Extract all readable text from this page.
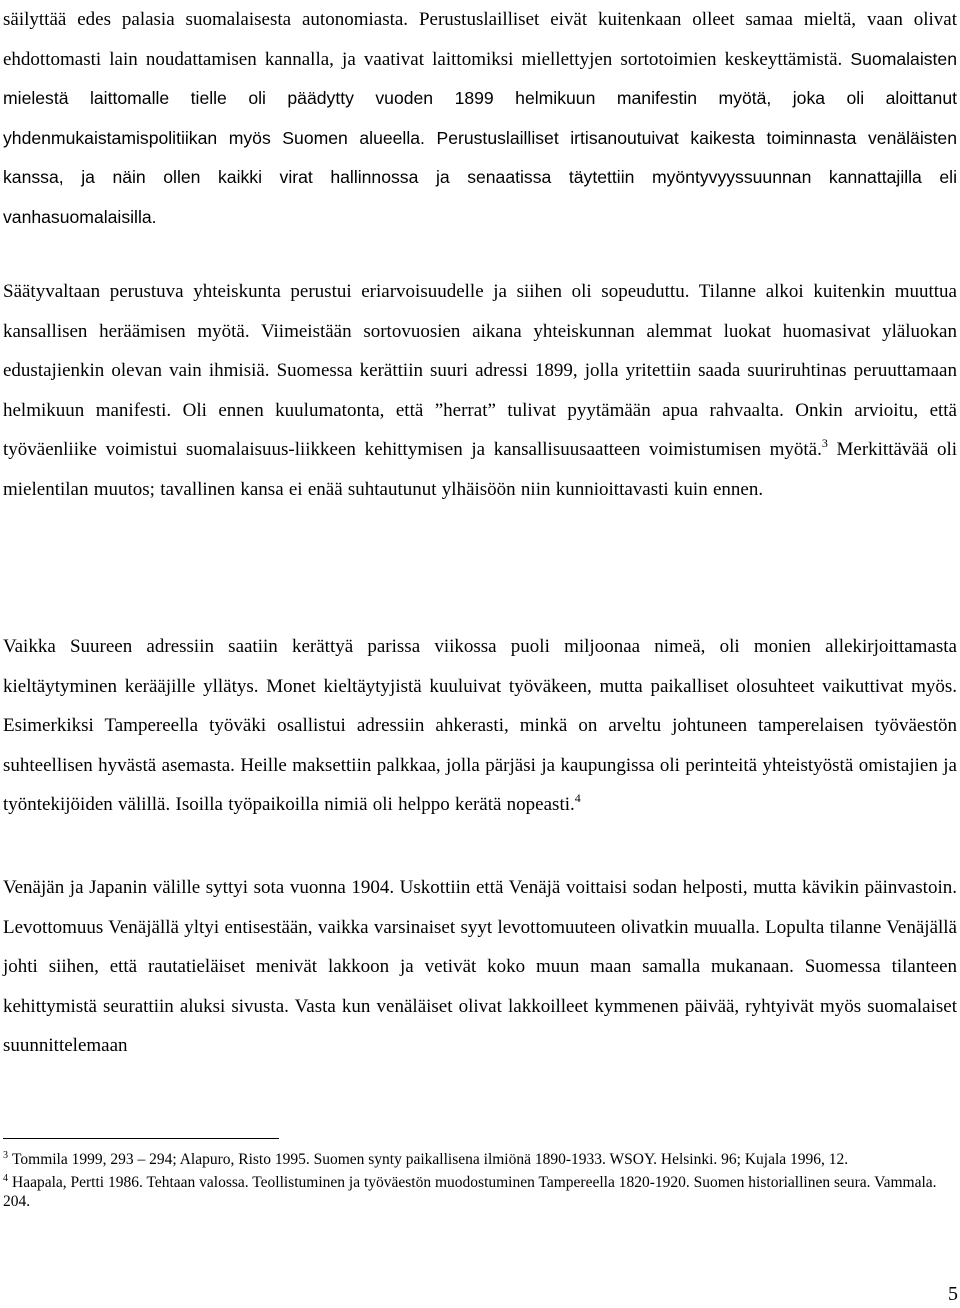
säilyttää edes palasia suomalaisesta autonomiasta. Perustuslailliset eivät kuitenkaan olleet samaa mieltä, vaan olivat ehdottomasti lain noudattamisen kannalla, ja vaativat laittomiksi miellettyjen sortotoimien keskeyttämistä. Suomalaisten mielestä laittomalle tielle oli päädytty vuoden 1899 helmikuun manifestin myötä, joka oli aloittanut yhdenmukaistamispolitiikan myös Suomen alueella. Perustuslailliset irtisanoutuivat kaikesta toiminnasta venäläisten kanssa, ja näin ollen kaikki virat hallinnossa ja senaatissa täytettiin myöntyvyyssuunnan kannattajilla eli vanhasuomalaisilla.

Säätyvaltaan perustuva yhteiskunta perustui eriarvoisuudelle ja siihen oli sopeuduttu. Tilanne alkoi kuitenkin muuttua kansallisen heräämisen myötä. Viimeistään sortovuosien aikana yhteiskunnan alemmat luokat huomasivat yläluokan edustajienkin olevan vain ihmisiä. Suomessa kerättiin suuri adressi 1899, jolla yritettiin saada suuriruhtinas peruuttamaan helmikuun manifesti. Oli ennen kuulumatonta, että ”herrat” tulivat pyytämään apua rahvaalta. Onkin arvioitu, että työväenliike voimistui suomalaisuus-liikkeen kehittymisen ja kansallisuusaatteen voimistumisen myötä.$^3$ Merkittävää oli mielentilan muutos; tavallinen kansa ei enää suhtautunut ylhäisöön niin kunnioittavasti kuin ennen.

Vaikka Suureen adressiin saatiin kerättyä parissa viikossa puoli miljoonaa nimeä, oli monien allekirjoittamasta kieltäytyminen kerääjille yllätys. Monet kieltäytyjistä kuuluivat työväkeen, mutta paikalliset olosuhteet vaikuttivat myös. Esimerkiksi Tampereella työväki osallistui adressiin ahkerasti, minkä on arveltu johtuneen tamperelaisen työväestön suhteellisen hyvästä asemasta. Heille maksettiin palkkaa, jolla pärjäsi ja kaupungissa oli perinteitä yhteistyöstä omistajien ja työntekijöiden välillä. Isoilla työpaikoilla nimiä oli helppo kerätä nopeasti.$^4$

Venäjän ja Japanin välille syttyi sota vuonna 1904. Uskottiin että Venäjä voittaisi sodan helposti, mutta kävikin päinvastoin. Levottomuus Venäjällä yltyi entisestään, vaikka varsinaiset syyt levottomuuteen olivatkin muualla. Lopulta tilanne Venäjällä johti siihen, että rautatieläiset menivät lakkoon ja vetivät koko muun maan samalla mukanaan. Suomessa tilanteen kehittymistä seurattiin aluksi sivusta. Vasta kun venäläiset olivat lakkoilleet kymmenen päivää, ryhtyivät myös suomalaiset suunnittelemaan

$^3$ Tommila 1999, 293 – 294; Alapuro, Risto 1995. Suomen synty paikallisena ilmiönä 1890-1933. WSOY. Helsinki. 96; Kujala 1996, 12.

$^4$ Haapala, Pertti 1986. Tehtaan valossa. Teollistuminen ja työväestön muodostuminen Tampereella 1820-1920. Suomen historiallinen seura. Vammala. 204.

5
